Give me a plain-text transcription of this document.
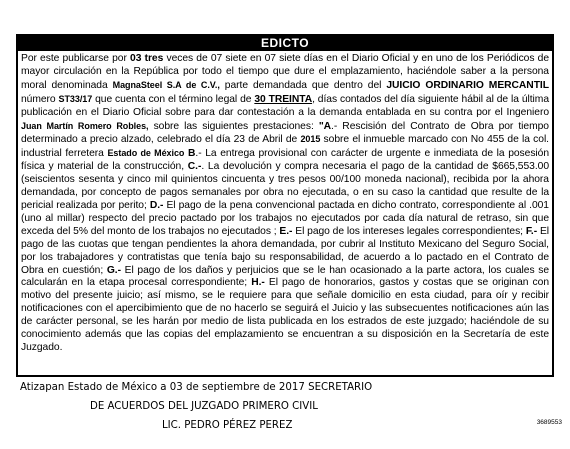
EDICTO
Por este publicarse por 03 tres veces de 07 siete en 07 siete días en el Diario Oficial y en uno de los Periódicos de mayor circulación en la República por todo el tiempo que dure el emplazamiento, haciéndole saber a la persona moral denominada MagnaSteel S.A de C.V., parte demandada que dentro del JUICIO ORDINARIO MERCANTIL número ST33/17 que cuenta con el término legal de 30 TREINTA, días contados del día siguiente hábil al de la última publicación en el Diario Oficial sobre para dar contestación a la demanda entablada en su contra por el Ingeniero Juan Martín Romero Robles, sobre las siguientes prestaciones: "A.- Rescisión del Contrato de Obra por tiempo determinado a precio alzado, celebrado el día 23 de Abril de 2015 sobre el inmueble marcado con No 455 de la col. industrial ferretera Estado de México B.- La entrega provisional con carácter de urgente e inmediata de la posesión física y material de la construcción, C.-. La devolución y compra necesaria el pago de la cantidad de $665,553.00 (seiscientos sesenta y cinco mil quinientos cincuenta y tres pesos 00/100 moneda nacional), recibida por la ahora demandada, por concepto de pagos semanales por obra no ejecutada, o en su caso la cantidad que resulte de la pericial realizada por perito; D.- El pago de la pena convencional pactada en dicho contrato, correspondiente al .001 (uno al millar) respecto del precio pactado por los trabajos no ejecutados por cada día natural de retraso, sin que exceda del 5% del monto de los trabajos no ejecutados ; E.- El pago de los intereses legales correspondientes; F.- El pago de las cuotas que tengan pendientes la ahora demandada, por cubrir al Instituto Mexicano del Seguro Social, por los trabajadores y contratistas que tenía bajo su responsabilidad, de acuerdo a lo pactado en el Contrato de Obra en cuestión; G.- El pago de los daños y perjuicios que se le han ocasionado a la parte actora, los cuales se calcularán en la etapa procesal correspondiente; H.- El pago de honorarios, gastos y costas que se originan con motivo del presente juicio; así mismo, se le requiere para que señale domicilio en esta ciudad, para oír y recibir notificaciones con el apercibimiento que de no hacerlo se seguirá el Juicio y las subsecuentes notificaciones aún las de carácter personal, se les harán por medio de lista publicada en los estrados de este juzgado; haciéndole de su conocimiento además que las copias del emplazamiento se encuentran a su disposición en la Secretaría de este Juzgado.
Atizapan Estado de México a 03 de septiembre de 2017 SECRETARIO
DE ACUERDOS DEL JUZGADO PRIMERO CIVIL
LIC. PEDRO PÉREZ PEREZ	3689553
